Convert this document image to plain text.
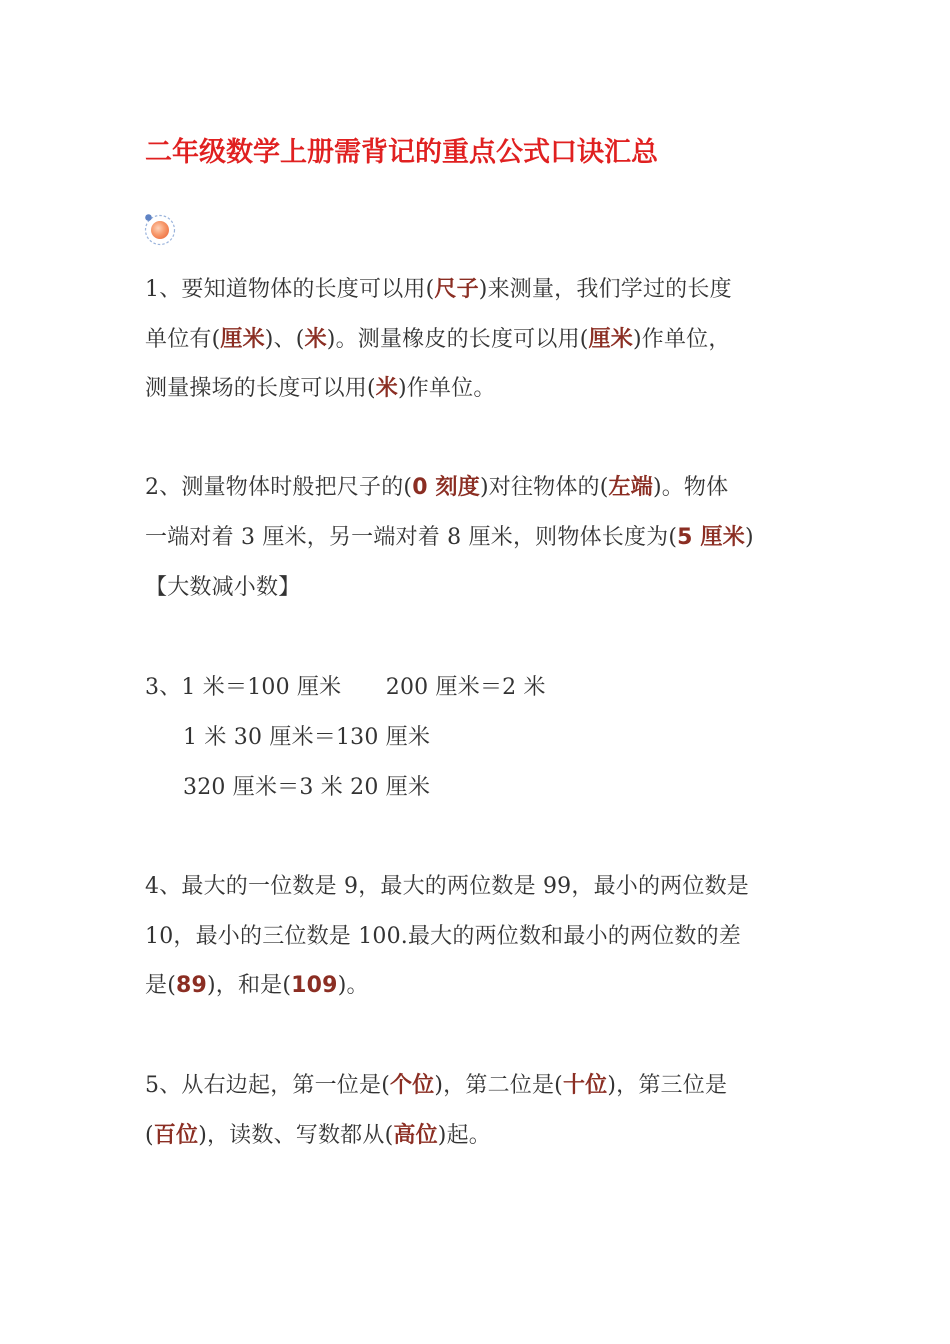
二年级数学上册需背记的重点公式口诀汇总
1、要知道物体的长度可以用(尺子)来测量，我们学过的长度
单位有(厘米)、(米)。测量橡皮的长度可以用(厘米)作单位，
测量操场的长度可以用(米)作单位。
2、测量物体时般把尺子的(0 刻度)对往物体的(左端)。物体
一端对着 3 厘米，另一端对着 8 厘米，则物体长度为(5 厘米)
【大数减小数】
3、1 米＝100 厘米　　200 厘米＝2 米
1 米 30 厘米＝130 厘米
320 厘米＝3 米 20 厘米
4、最大的一位数是 9，最大的两位数是 99，最小的两位数是
10，最小的三位数是 100.最大的两位数和最小的两位数的差
是(89)，和是(109)。
5、从右边起，第一位是(个位)，第二位是(十位)，第三位是
(百位)，读数、写数都从(高位)起。
